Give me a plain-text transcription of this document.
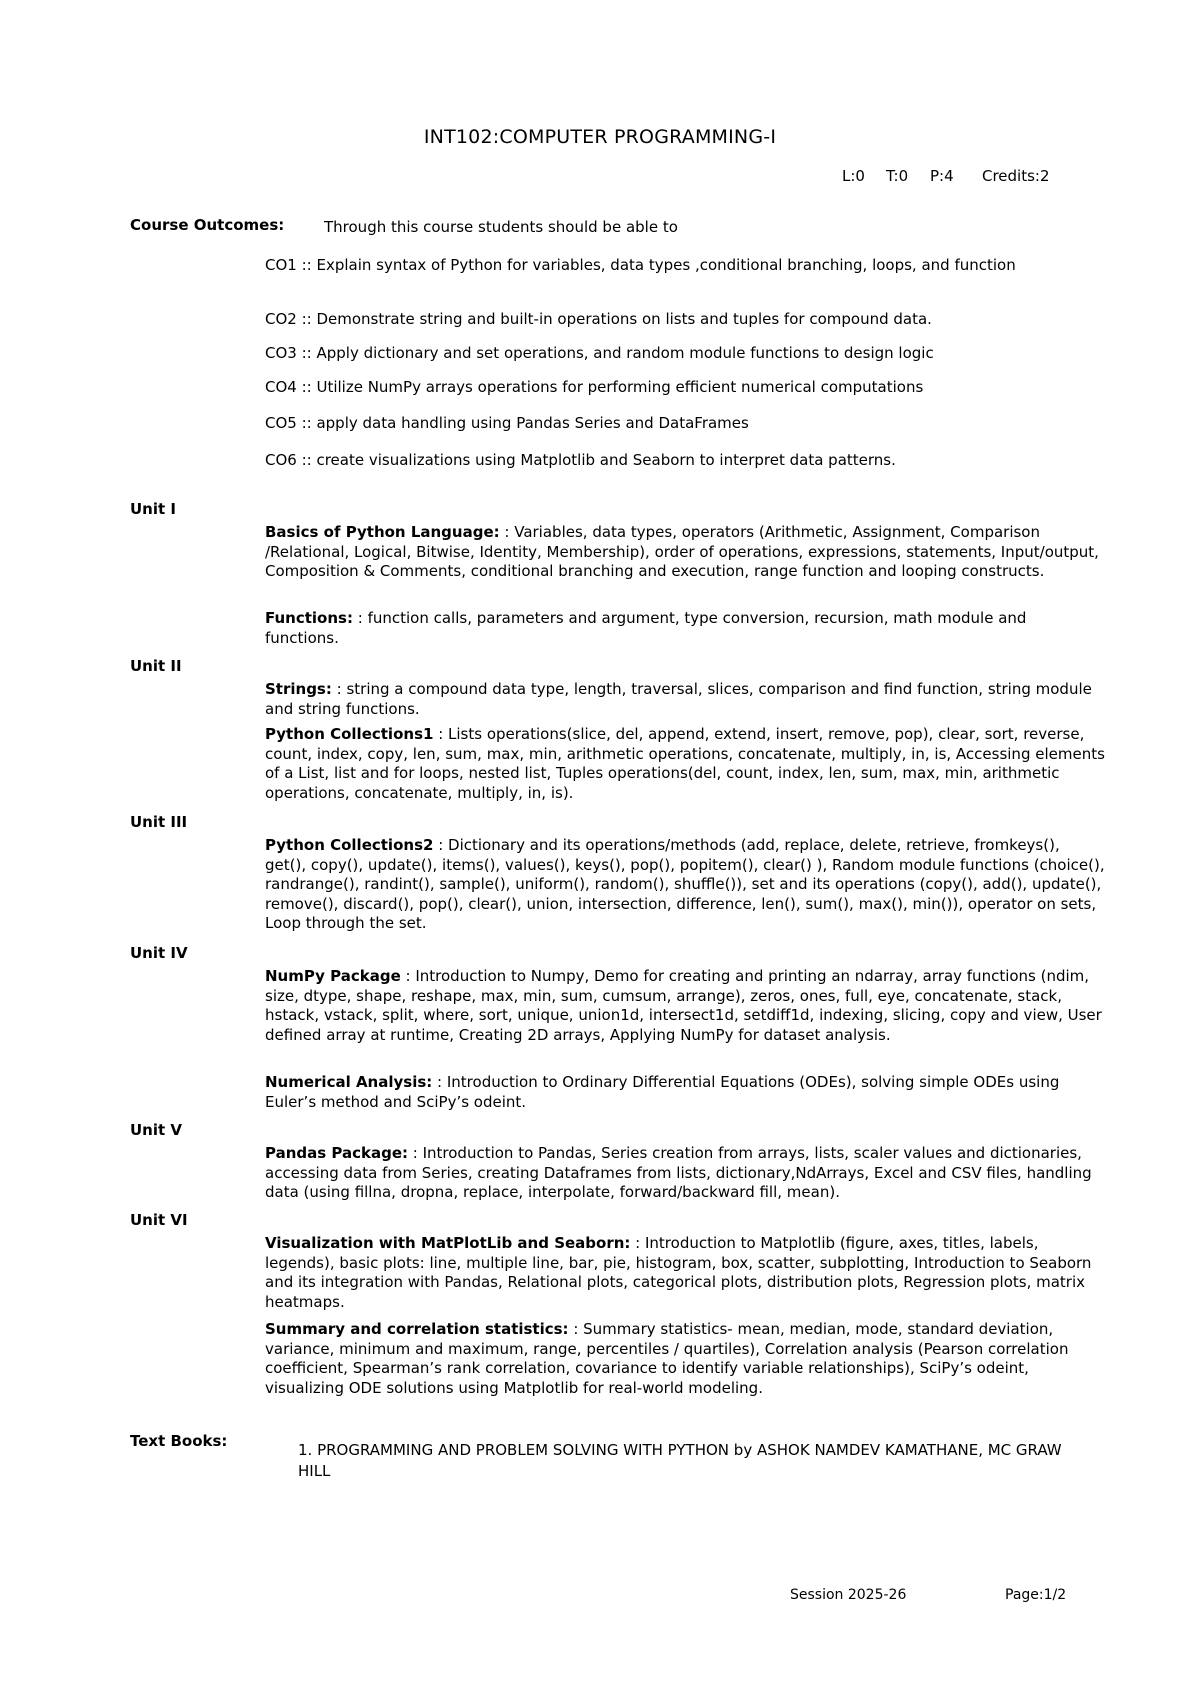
INT102:COMPUTER PROGRAMMING-I
L:0 T:0 P:4 Credits:2
Course Outcomes:	Through this course students should be able to
CO1 :: Explain syntax of Python for variables, data types ,conditional branching, loops, and function
CO2 :: Demonstrate string and built-in operations on lists and tuples for compound data.
CO3 :: Apply dictionary and set operations, and random module functions to design logic
CO4 :: Utilize NumPy arrays operations for performing efficient numerical computations
CO5 :: apply data handling using Pandas Series and DataFrames
CO6 :: create visualizations using Matplotlib and Seaborn to interpret data patterns.
Unit I
Basics of Python Language: : Variables, data types, operators (Arithmetic, Assignment, Comparison /Relational, Logical, Bitwise, Identity, Membership), order of operations, expressions, statements, Input/output, Composition & Comments, conditional branching and execution, range function and looping constructs.
Functions: : function calls, parameters and argument, type conversion, recursion, math module and functions.
Unit II
Strings: : string a compound data type, length, traversal, slices, comparison and find function, string module and string functions.
Python Collections1 : Lists operations(slice, del, append, extend, insert, remove, pop), clear, sort, reverse, count, index, copy, len, sum, max, min, arithmetic operations, concatenate, multiply, in, is, Accessing elements of a List, list and for loops, nested list, Tuples operations(del, count, index, len, sum, max, min, arithmetic operations, concatenate, multiply, in, is).
Unit III
Python Collections2 : Dictionary and its operations/methods (add, replace, delete, retrieve, fromkeys(), get(), copy(), update(), items(), values(), keys(), pop(), popitem(), clear() ), Random module functions (choice(), randrange(), randint(), sample(), uniform(), random(), shuffle()), set and its operations (copy(), add(), update(), remove(), discard(), pop(), clear(), union, intersection, difference, len(), sum(), max(), min()), operator on sets, Loop through the set.
Unit IV
NumPy Package : Introduction to Numpy, Demo for creating and printing an ndarray, array functions (ndim, size, dtype, shape, reshape, max, min, sum, cumsum, arrange), zeros, ones, full, eye, concatenate, stack, hstack, vstack, split, where, sort, unique, union1d, intersect1d, setdiff1d, indexing, slicing, copy and view, User defined array at runtime, Creating 2D arrays, Applying NumPy for dataset analysis.
Numerical Analysis: : Introduction to Ordinary Differential Equations (ODEs), solving simple ODEs using Euler’s method and SciPy’s odeint.
Unit V
Pandas Package: : Introduction to Pandas, Series creation from arrays, lists, scaler values and dictionaries, accessing data from Series, creating Dataframes from lists, dictionary,NdArrays, Excel and CSV files, handling data (using fillna, dropna, replace, interpolate, forward/backward fill, mean).
Unit VI
Visualization with MatPlotLib and Seaborn: : Introduction to Matplotlib (figure, axes, titles, labels, legends), basic plots: line, multiple line, bar, pie, histogram, box, scatter, subplotting, Introduction to Seaborn and its integration with Pandas, Relational plots, categorical plots, distribution plots, Regression plots, matrix heatmaps.
Summary and correlation statistics: : Summary statistics- mean, median, mode, standard deviation, variance, minimum and maximum, range, percentiles / quartiles), Correlation analysis (Pearson correlation coefficient, Spearman’s rank correlation, covariance to identify variable relationships), SciPy’s odeint, visualizing ODE solutions using Matplotlib for real-world modeling.
Text Books:	1. PROGRAMMING AND PROBLEM SOLVING WITH PYTHON by ASHOK NAMDEV KAMATHANE, MC GRAW HILL
Session 2025-26	Page:1/2
